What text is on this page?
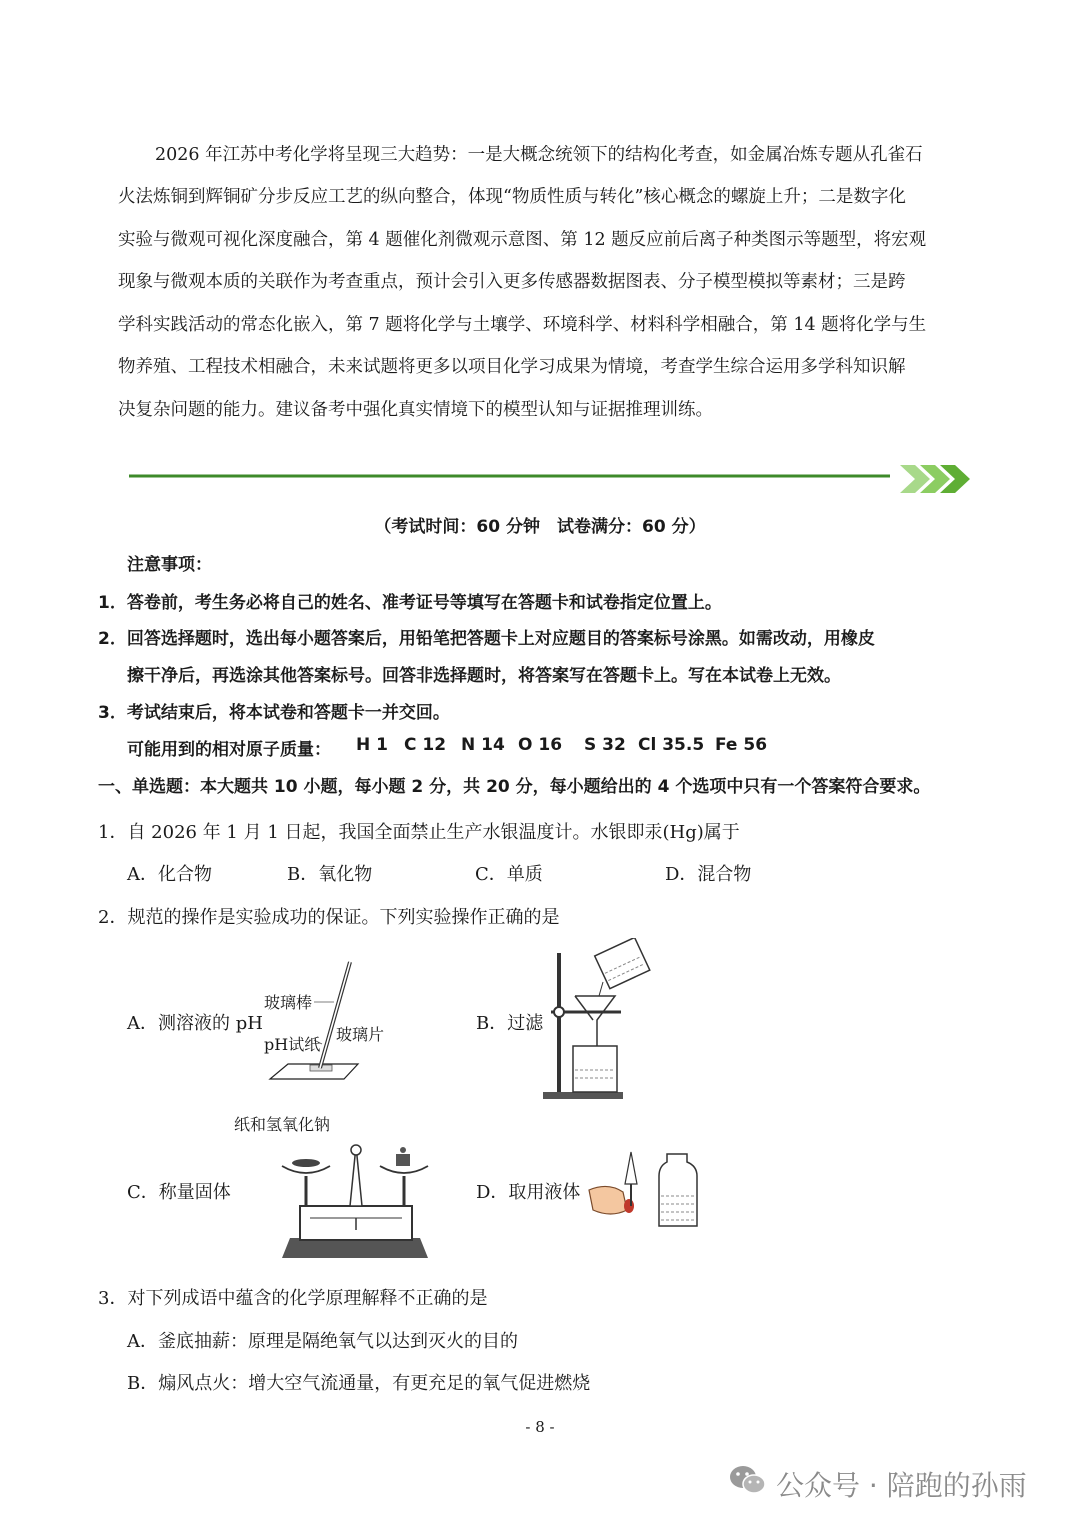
2026 年江苏中考化学将呈现三大趋势：一是大概念统领下的结构化考查，如金属冶炼专题从孔雀石
火法炼铜到辉铜矿分步反应工艺的纵向整合，体现“物质性质与转化”核心概念的螺旋上升；二是数字化
实验与微观可视化深度融合，第 4 题催化剂微观示意图、第 12 题反应前后离子种类图示等题型，将宏观
现象与微观本质的关联作为考查重点，预计会引入更多传感器数据图表、分子模型模拟等素材；三是跨
学科实践活动的常态化嵌入，第 7 题将化学与土壤学、环境科学、材料科学相融合，第 14 题将化学与生
物养殖、工程技术相融合，未来试题将更多以项目化学习成果为情境，考查学生综合运用多学科知识解
决复杂问题的能力。建议备考中强化真实情境下的模型认知与证据推理训练。
（考试时间：60 分钟　试卷满分：60 分）
注意事项：
1．答卷前，考生务必将自己的姓名、准考证号等填写在答题卡和试卷指定位置上。
2．回答选择题时，选出每小题答案后，用铅笔把答题卡上对应题目的答案标号涂黑。如需改动，用橡皮
擦干净后，再选涂其他答案标号。回答非选择题时，将答案写在答题卡上。写在本试卷上无效。
3．考试结束后，将本试卷和答题卡一并交回。
可能用到的相对原子质量： H 1 C 12 N 14 O 16 S 32 Cl 35.5 Fe 56
一、单选题：本大题共 10 小题，每小题 2 分，共 20 分，每小题给出的 4 个选项中只有一个答案符合要求。
1．自 2026 年 1 月 1 日起，我国全面禁止生产水银温度计。水银即汞(Hg)属于
A．化合物	B．氧化物	C．单质	D．混合物
2．规范的操作是实验成功的保证。下列实验操作正确的是
A．测溶液的 pH	B．过滤
C．称量固体	D．取用液体
玻璃棒
pH试纸
玻璃片
纸和氢氧化钠
3．对下列成语中蕴含的化学原理解释不正确的是
A．釜底抽薪：原理是隔绝氧气以达到灭火的目的
B．煽风点火：增大空气流通量，有更充足的氧气促进燃烧
- 8 -
公众号 · 陪跑的孙雨
